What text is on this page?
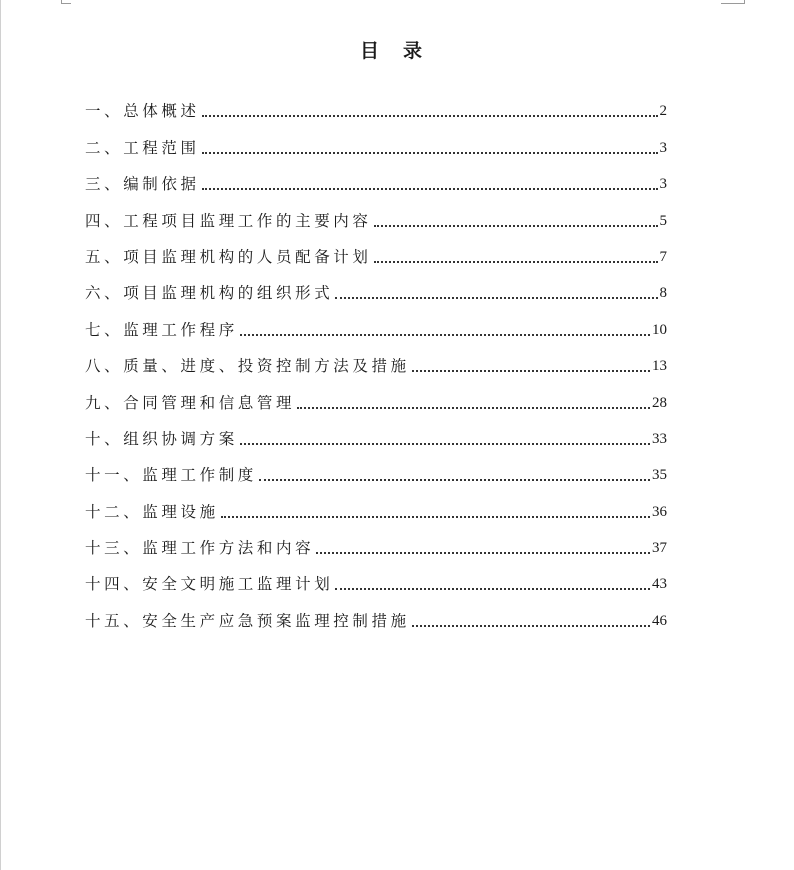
目录
一、总体概述	2
二、工程范围	3
三、编制依据	3
四、工程项目监理工作的主要内容	5
五、项目监理机构的人员配备计划	7
六、项目监理机构的组织形式	8
七、监理工作程序	10
八、质量、进度、投资控制方法及措施	13
九、合同管理和信息管理	28
十、组织协调方案	33
十一、监理工作制度	35
十二、监理设施	36
十三、监理工作方法和内容	37
十四、安全文明施工监理计划	43
十五、安全生产应急预案监理控制措施	46
